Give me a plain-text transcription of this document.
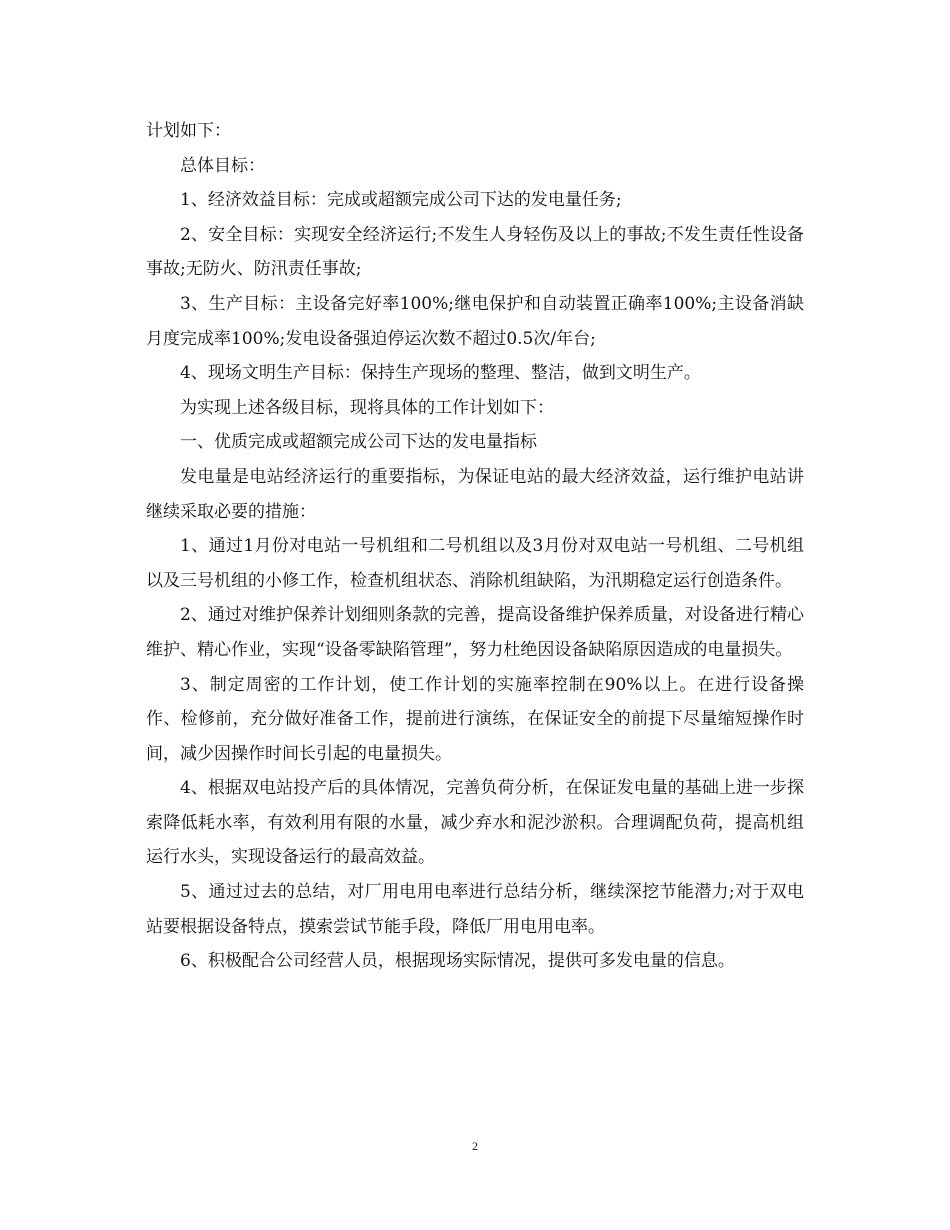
计划如下：

总体目标：

1、经济效益目标：完成或超额完成公司下达的发电量任务;

2、安全目标：实现安全经济运行;不发生人身轻伤及以上的事故;不发生责任性设备事故;无防火、防汛责任事故;

3、生产目标：主设备完好率100%;继电保护和自动装置正确率100%;主设备消缺月度完成率100%;发电设备强迫停运次数不超过0.5次/年台;

4、现场文明生产目标：保持生产现场的整理、整洁，做到文明生产。

为实现上述各级目标，现将具体的工作计划如下：

一、优质完成或超额完成公司下达的发电量指标

发电量是电站经济运行的重要指标，为保证电站的最大经济效益，运行维护电站讲继续采取必要的措施：

1、通过1月份对电站一号机组和二号机组以及3月份对双电站一号机组、二号机组以及三号机组的小修工作，检查机组状态、消除机组缺陷，为汛期稳定运行创造条件。

2、通过对维护保养计划细则条款的完善，提高设备维护保养质量，对设备进行精心维护、精心作业，实现“设备零缺陷管理”，努力杜绝因设备缺陷原因造成的电量损失。

3、制定周密的工作计划，使工作计划的实施率控制在90%以上。在进行设备操作、检修前，充分做好准备工作，提前进行演练，在保证安全的前提下尽量缩短操作时间，减少因操作时间长引起的电量损失。

4、根据双电站投产后的具体情况，完善负荷分析，在保证发电量的基础上进一步探索降低耗水率，有效利用有限的水量，减少弃水和泥沙淤积。合理调配负荷，提高机组运行水头，实现设备运行的最高效益。

5、通过过去的总结，对厂用电用电率进行总结分析，继续深挖节能潜力;对于双电站要根据设备特点，摸索尝试节能手段，降低厂用电用电率。

6、积极配合公司经营人员，根据现场实际情况，提供可多发电量的信息。

2
